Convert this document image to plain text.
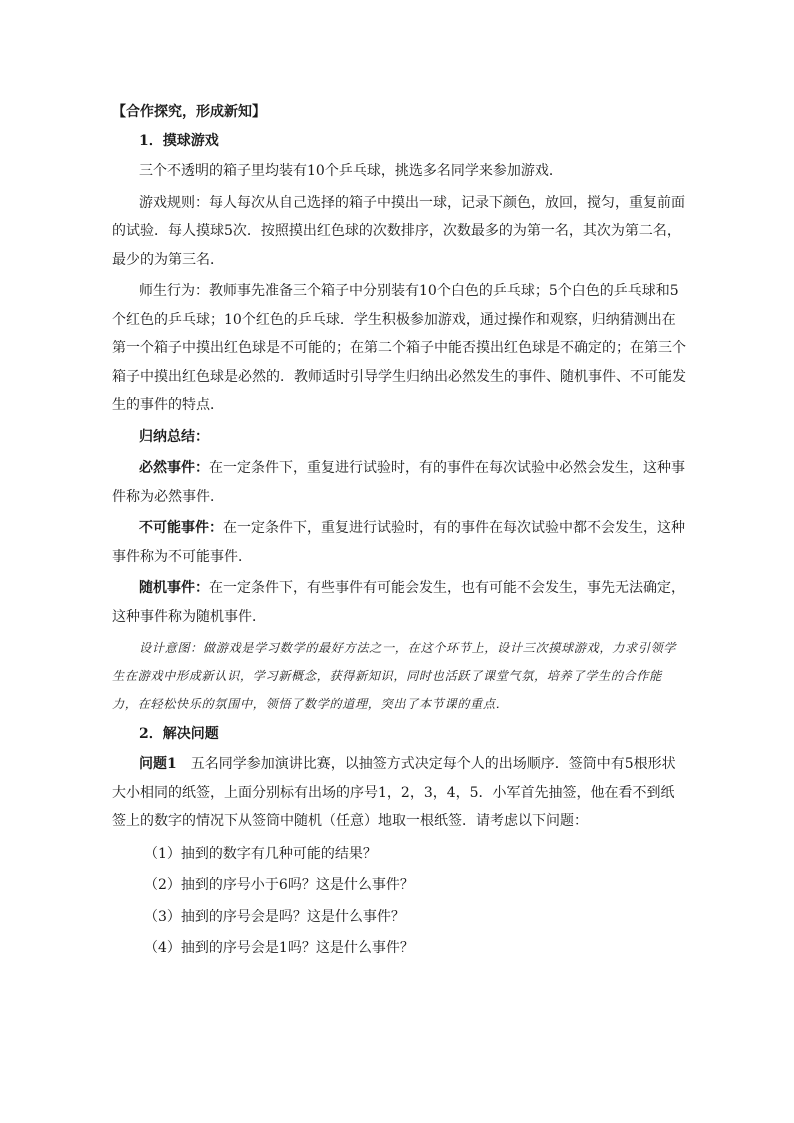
【合作探究，形成新知】

1．摸球游戏

三个不透明的箱子里均装有10个乒乓球，挑选多名同学来参加游戏．

游戏规则：每人每次从自己选择的箱子中摸出一球，记录下颜色，放回，搅匀，重复前面的试验．每人摸球5次．按照摸出红色球的次数排序，次数最多的为第一名，其次为第二名，最少的为第三名．

师生行为：教师事先准备三个箱子中分别装有10个白色的乒乓球；5个白色的乒乓球和5个红色的乒乓球；10个红色的乒乓球．学生积极参加游戏，通过操作和观察，归纳猜测出在第一个箱子中摸出红色球是不可能的；在第二个箱子中能否摸出红色球是不确定的；在第三个箱子中摸出红色球是必然的．教师适时引导学生归纳出必然发生的事件、随机事件、不可能发生的事件的特点．

归纳总结：

必然事件：在一定条件下，重复进行试验时，有的事件在每次试验中必然会发生，这种事件称为必然事件．

不可能事件：在一定条件下，重复进行试验时，有的事件在每次试验中都不会发生，这种事件称为不可能事件．

随机事件：在一定条件下，有些事件有可能会发生，也有可能不会发生，事先无法确定，这种事件称为随机事件．

设计意图：做游戏是学习数学的最好方法之一，在这个环节上，设计三次摸球游戏，力求引领学生在游戏中形成新认识，学习新概念，获得新知识，同时也活跃了课堂气氛，培养了学生的合作能力，在轻松快乐的氛围中，领悟了数学的道理，突出了本节课的重点．

2．解决问题

问题1　五名同学参加演讲比赛，以抽签方式决定每个人的出场顺序．签筒中有5根形状大小相同的纸签，上面分别标有出场的序号1，2，3，4，5．小军首先抽签，他在看不到纸签上的数字的情况下从签筒中随机（任意）地取一根纸签．请考虑以下问题：

（1）抽到的数字有几种可能的结果？

（2）抽到的序号小于6吗？这是什么事件？

（3）抽到的序号会是吗？这是什么事件？

（4）抽到的序号会是1吗？这是什么事件？
